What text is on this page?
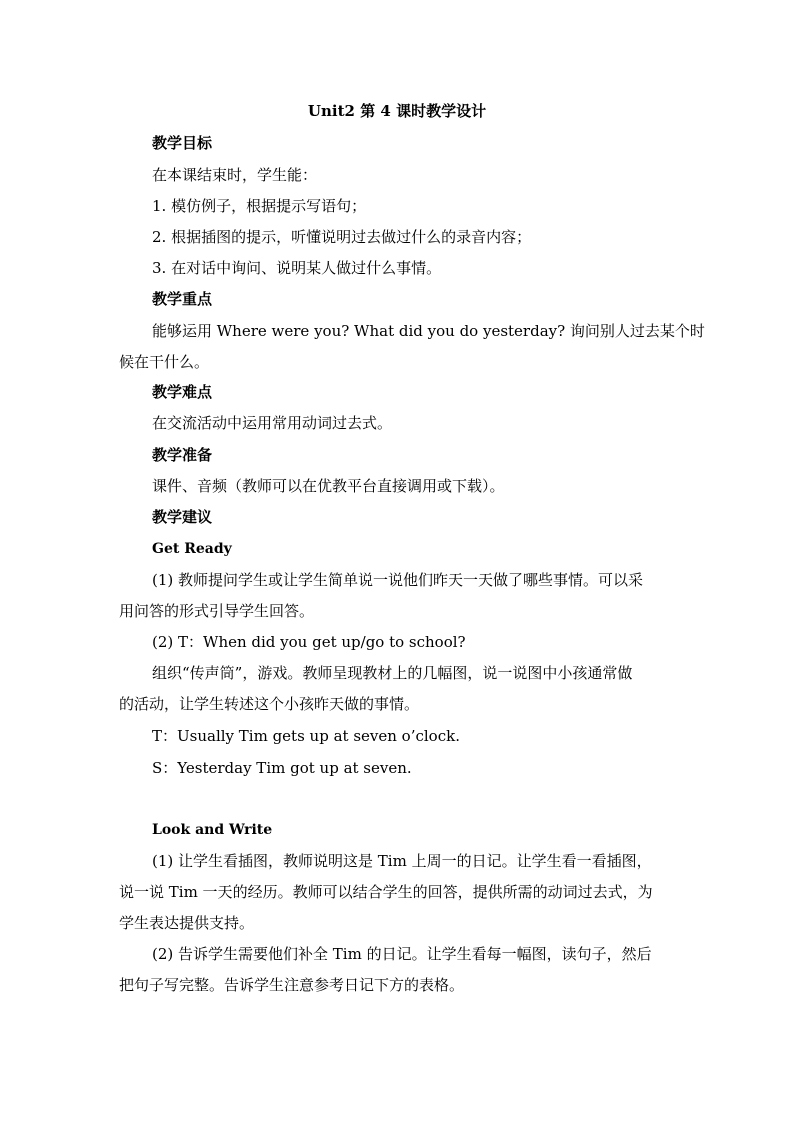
Unit2 第 4 课时教学设计
教学目标
在本课结束时，学生能：
1. 模仿例子，根据提示写语句；
2. 根据插图的提示，听懂说明过去做过什么的录音内容；
3. 在对话中询问、说明某人做过什么事情。
教学重点
能够运用 Where were you? What did you do yesterday? 询问别人过去某个时
候在干什么。
教学难点
在交流活动中运用常用动词过去式。
教学准备
课件、音频（教师可以在优教平台直接调用或下载）。
教学建议
Get Ready
(1) 教师提问学生或让学生简单说一说他们昨天一天做了哪些事情。可以采
用问答的形式引导学生回答。
(2) T：When did you get up/go to school?
组织“传声筒”，游戏。教师呈现教材上的几幅图，说一说图中小孩通常做
的活动，让学生转述这个小孩昨天做的事情。
T：Usually Tim gets up at seven o’clock.
S：Yesterday Tim got up at seven.
Look and Write
(1) 让学生看插图，教师说明这是 Tim 上周一的日记。让学生看一看插图，
说一说 Tim 一天的经历。教师可以结合学生的回答，提供所需的动词过去式，为
学生表达提供支持。
(2) 告诉学生需要他们补全 Tim 的日记。让学生看每一幅图，读句子，然后
把句子写完整。告诉学生注意参考日记下方的表格。
